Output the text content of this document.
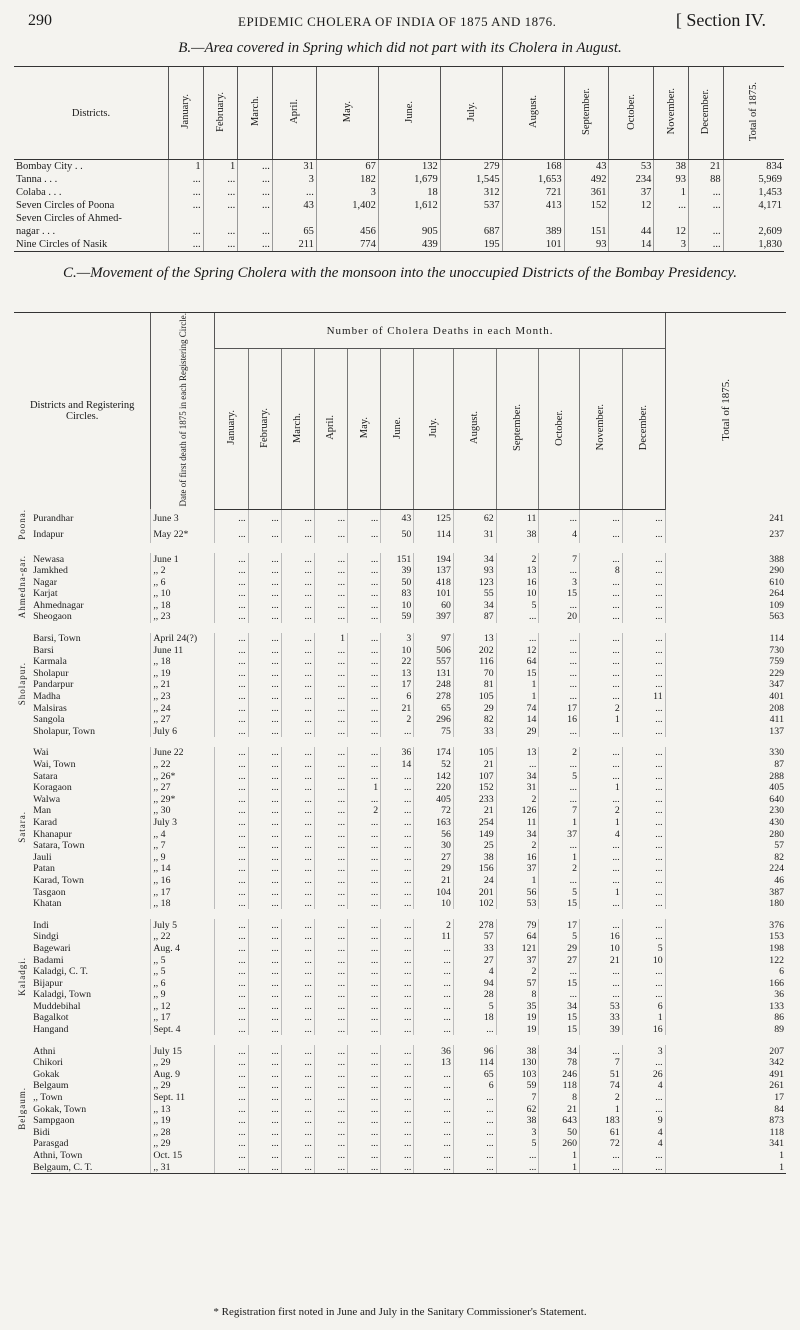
290	EPIDEMIC CHOLERA OF INDIA OF 1875 AND 1876.	[ Section IV.
B.—Area covered in Spring which did not part with its Cholera in August.
Districts.	January.	February.	March.	April.	May.	June.	July.	August.	September.	October.	November.	December.	Total of 1875.
Bombay City . .	1	1	...	31	67	132	279	168	43	53	38	21	834
Tanna . . .	...	...	...	3	182	1,679	1,545	1,653	492	234	93	88	5,969
Colaba . . .	...	...	...	...	3	18	312	721	361	37	1	...	1,453
Seven Circles of Poona	...	...	...	43	1,402	1,612	537	413	152	12	...	...	4,171
Seven Circles of Ahmed-													
nagar . . .	...	...	...	65	456	905	687	389	151	44	12	...	2,609
Nine Circles of Nasik	...	...	...	211	774	439	195	101	93	14	3	...	1,830
C.—Movement of the Spring Cholera with the monsoon into the unoccupied Districts of the Bombay Presidency.
Districts and Registering Circles.		Date of first death of 1875 in each Registering Circle.	Number of Cholera Deaths in each Month.												Total of 1875.
			January.	February.	March.	April.	May.	June.	July.	August.	September.	October.	November.	December.	
Poona.	Purandhar	June 3	...	...	...	...	...	43	125	62	11	...	...	...	241
	Indapur	May 22*	...	...	...	...	...	50	114	31	38	4	...	...	237

Ahmedna-gar.	Newasa	June 1	...	...	...	...	...	151	194	34	2	7	...	...	388
	Jamkhed	,, 2	...	...	...	...	...	39	137	93	13	...	8	...	290
	Nagar	,, 6	...	...	...	...	...	50	418	123	16	3	...	...	610
	Karjat	,, 10	...	...	...	...	...	83	101	55	10	15	...	...	264
	Ahmednagar	,, 18	...	...	...	...	...	10	60	34	5	...	...	...	109
	Sheogaon	,, 23	...	...	...	...	...	59	397	87	...	20	...	...	563

Sholapur.	Barsi, Town	April 24(?)	...	...	...	1	...	3	97	13	...	...	...	...	114
	Barsi	June 11	...	...	...	...	...	10	506	202	12	...	...	...	730
	Karmala	,, 18	...	...	...	...	...	22	557	116	64	...	...	...	759
	Sholapur	,, 19	...	...	...	...	...	13	131	70	15	...	...	...	229
	Pandarpur	,, 21	...	...	...	...	...	17	248	81	1	...	...	...	347
	Madha	,, 23	...	...	...	...	...	6	278	105	1	...	...	11	401
	Malsiras	,, 24	...	...	...	...	...	21	65	29	74	17	2	...	208
	Sangola	,, 27	...	...	...	...	...	2	296	82	14	16	1	...	411
	Sholapur, Town	July 6	...	...	...	...	...	...	75	33	29	...	...	...	137

Satara.	Wai	June 22	...	...	...	...	...	36	174	105	13	2	...	...	330
	Wai, Town	,, 22	...	...	...	...	...	14	52	21	...	...	...	...	87
	Satara	,, 26*	...	...	...	...	...	...	142	107	34	5	...	...	288
	Koragaon	,, 27	...	...	...	...	1	...	220	152	31	...	1	...	405
	Walwa	,, 29*	...	...	...	...	...	...	405	233	2	...	...	...	640
	Man	,, 30	...	...	...	...	2	...	72	21	126	7	2	...	230
	Karad	July 3	...	...	...	...	...	...	163	254	11	1	1	...	430
	Khanapur	,, 4	...	...	...	...	...	...	56	149	34	37	4	...	280
	Satara, Town	,, 7	...	...	...	...	...	...	30	25	2	...	...	...	57
	Jauli	,, 9	...	...	...	...	...	...	27	38	16	1	...	...	82
	Patan	,, 14	...	...	...	...	...	...	29	156	37	2	...	...	224
	Karad, Town	,, 16	...	...	...	...	...	...	21	24	1	...	...	...	46
	Tasgaon	,, 17	...	...	...	...	...	...	104	201	56	5	1	...	387
	Khatan	,, 18	...	...	...	...	...	...	10	102	53	15	...	...	180

Kaladgi.	Indi	July 5	...	...	...	...	...	...	2	278	79	17	...	...	376
	Sindgi	,, 22	...	...	...	...	...	...	11	57	64	5	16	...	153
	Bagewari	Aug. 4	...	...	...	...	...	...	...	33	121	29	10	5	198
	Badami	,, 5	...	...	...	...	...	...	...	27	37	27	21	10	122
	Kaladgi, C. T.	,, 5	...	...	...	...	...	...	...	4	2	...	...	...	6
	Bijapur	,, 6	...	...	...	...	...	...	...	94	57	15	...	...	166
	Kaladgi, Town	,, 9	...	...	...	...	...	...	...	28	8	...	...	...	36
	Muddebihal	,, 12	...	...	...	...	...	...	...	5	35	34	53	6	133
	Bagalkot	,, 17	...	...	...	...	...	...	...	18	19	15	33	1	86
	Hangand	Sept. 4	...	...	...	...	...	...	...	...	19	15	39	16	89

Belgaum.	Athni	July 15	...	...	...	...	...	...	36	96	38	34	...	3	207
	Chikori	,, 29	...	...	...	...	...	...	13	114	130	78	7	...	342
	Gokak	Aug. 9	...	...	...	...	...	...	...	65	103	246	51	26	491
	Belgaum	,, 29	...	...	...	...	...	...	...	6	59	118	74	4	261
	,, Town	Sept. 11	...	...	...	...	...	...	...	...	7	8	2	...	17
	Gokak, Town	,, 13	...	...	...	...	...	...	...	...	62	21	1	...	84
	Sampgaon	,, 19	...	...	...	...	...	...	...	...	38	643	183	9	873
	Bidi	,, 28	...	...	...	...	...	...	...	...	3	50	61	4	118
	Parasgad	,, 29	...	...	...	...	...	...	...	...	5	260	72	4	341
	Athni, Town	Oct. 15	...	...	...	...	...	...	...	...	...	1	...	...	1
	Belgaum, C. T.	,, 31	...	...	...	...	...	...	...	...	...	1	...	...	1
* Registration first noted in June and July in the Sanitary Commissioner's Statement.
